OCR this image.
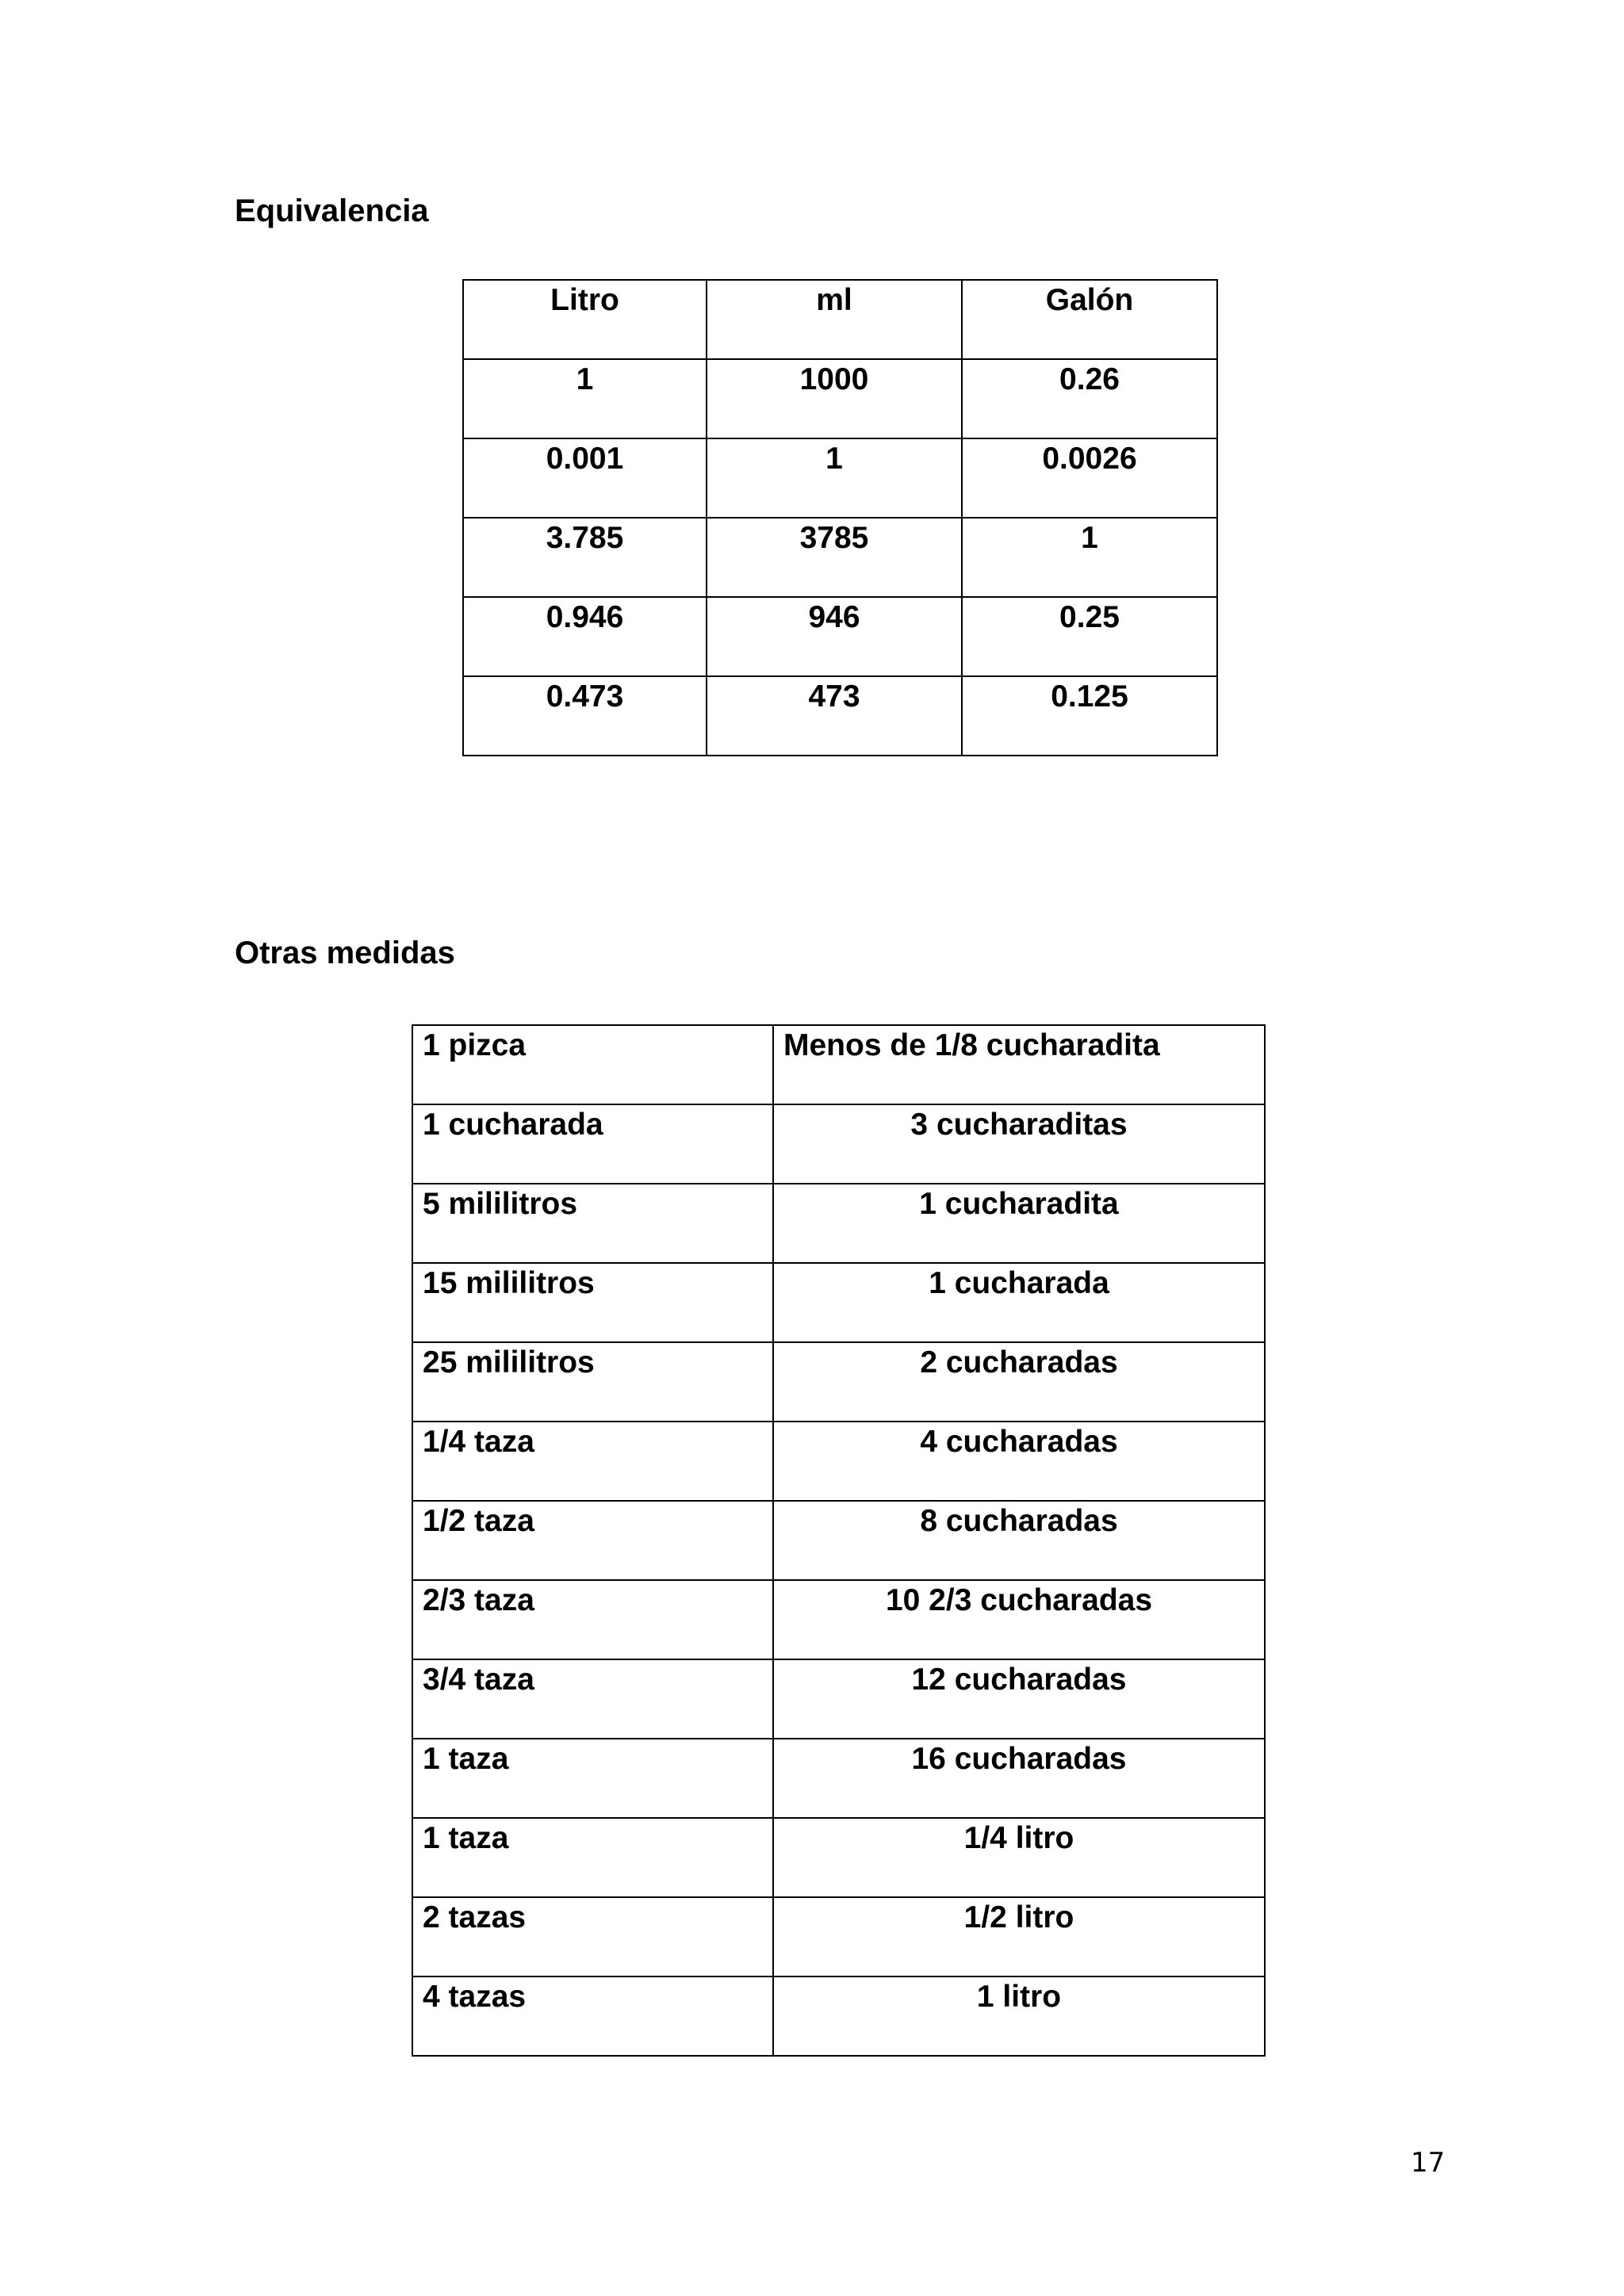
Equivalencia
Litro	ml	Galón
1	1000	0.26
0.001	1	0.0026
3.785	3785	1
0.946	946	0.25
0.473	473	0.125
Otras medidas
1 pizca	Menos de 1/8 cucharadita
1 cucharada	3 cucharaditas
5 mililitros	1 cucharadita
15 mililitros	1 cucharada
25 mililitros	2 cucharadas
1/4 taza	4 cucharadas
1/2 taza	8 cucharadas
2/3 taza	10 2/3 cucharadas
3/4 taza	12 cucharadas
1 taza	16 cucharadas
1 taza	1/4 litro
2 tazas	1/2 litro
4 tazas	1 litro
17
